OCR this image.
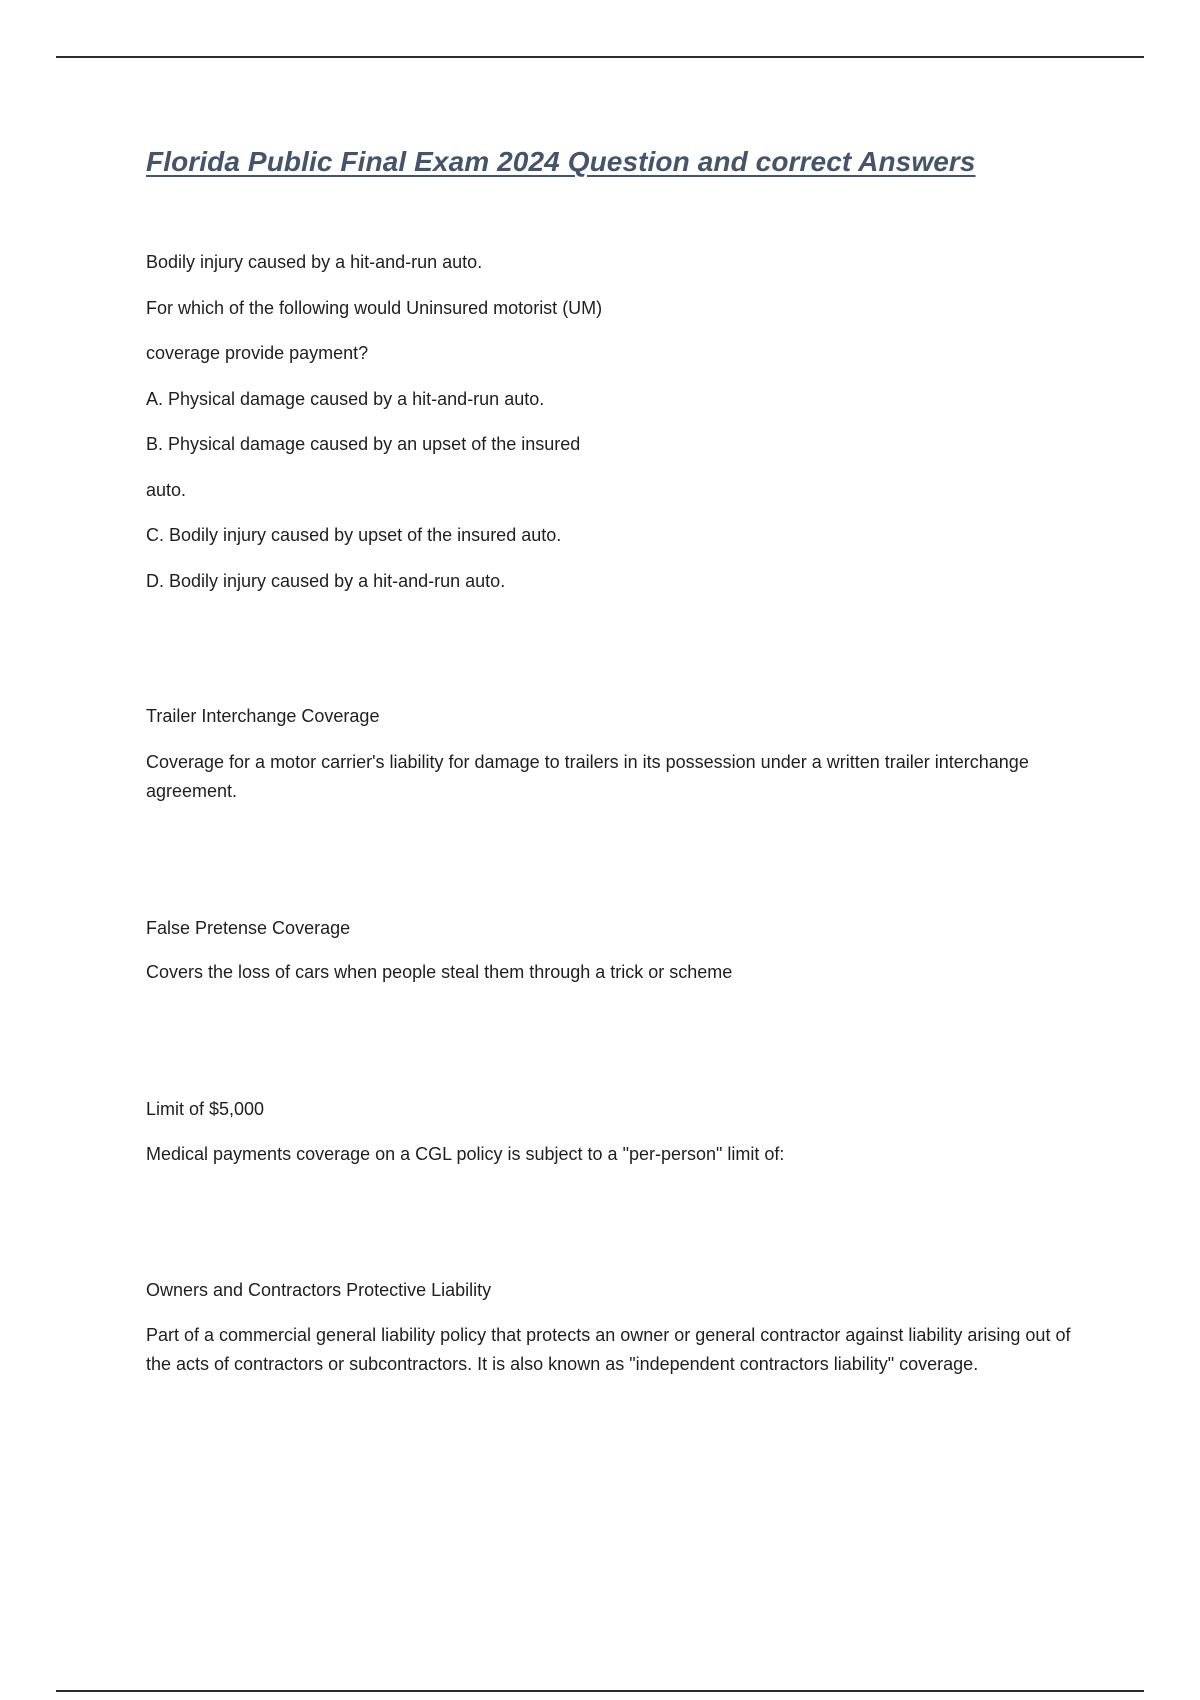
Florida Public Final Exam 2024 Question and correct Answers

Bodily injury caused by a hit-and-run auto.

For which of the following would Uninsured motorist (UM)

coverage provide payment?

A. Physical damage caused by a hit-and-run auto.

B. Physical damage caused by an upset of the insured

auto.

C. Bodily injury caused by upset of the insured auto.

D. Bodily injury caused by a hit-and-run auto.

Trailer Interchange Coverage

Coverage for a motor carrier's liability for damage to trailers in its possession under a written trailer interchange agreement.

False Pretense Coverage

Covers the loss of cars when people steal them through a trick or scheme

Limit of $5,000

Medical payments coverage on a CGL policy is subject to a "per-person" limit of:

Owners and Contractors Protective Liability

Part of a commercial general liability policy that protects an owner or general contractor against liability arising out of the acts of contractors or subcontractors. It is also known as "independent contractors liability" coverage.
